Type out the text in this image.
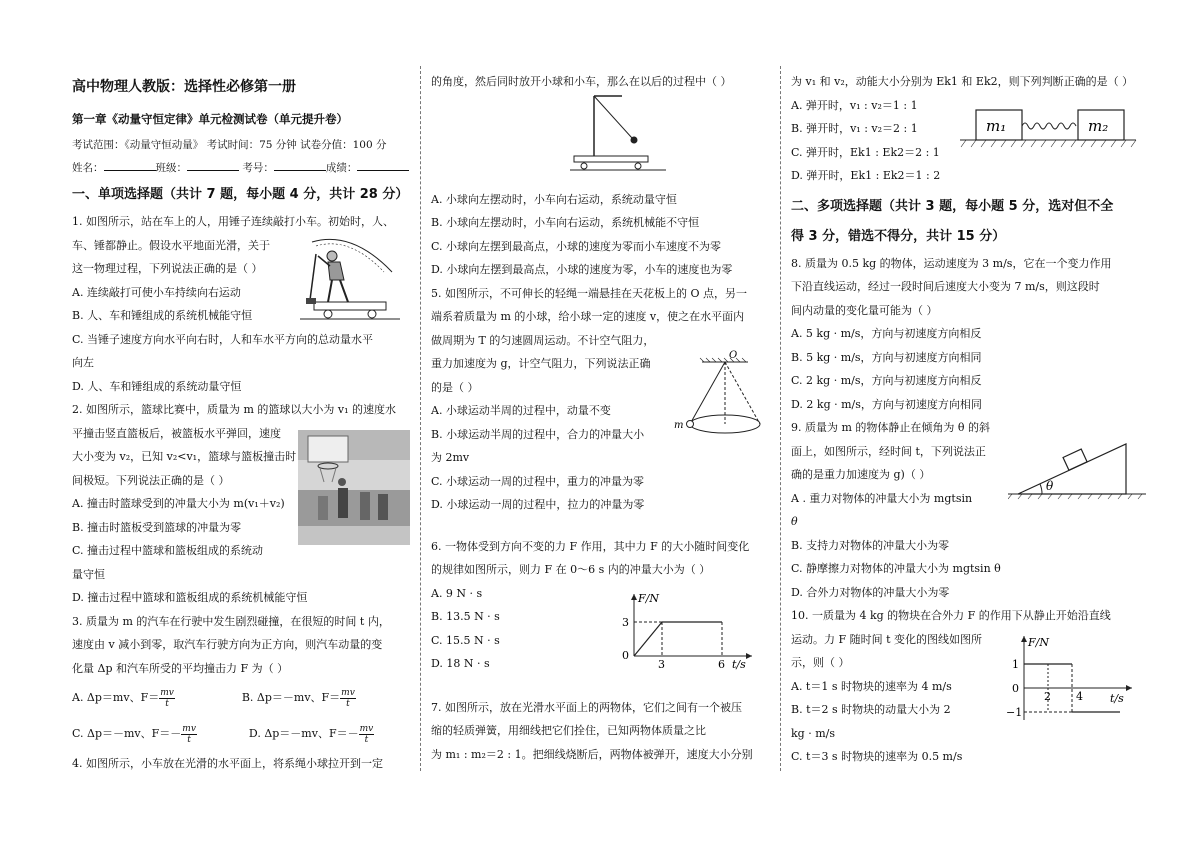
高中物理人教版：选择性必修第一册
第一章《动量守恒定律》单元检测试卷（单元提升卷）
考试范围：《动量守恒动量》 考试时间：75 分钟 试卷分值：100 分
姓名：	班级：	考号：	成绩：
一、单项选择题（共计 7 题，每小题 4 分，共计 28 分）
1. 如图所示，站在车上的人，用锤子连续敲打小车。初始时，人、
车、锤都静止。假设水平地面光滑，关于
这一物理过程，下列说法正确的是（ ）
A. 连续敲打可使小车持续向右运动
B. 人、车和锤组成的系统机械能守恒
C. 当锤子速度方向水平向右时，人和车水平方向的总动量水平
向左
D. 人、车和锤组成的系统动量守恒
2. 如图所示，篮球比赛中，质量为 m 的篮球以大小为 v₁ 的速度水
平撞击竖直篮板后，被篮板水平弹回，速度
大小变为 v₂，已知 v₂<v₁，篮球与篮板撞击时
间极短。下列说法正确的是（ ）
A. 撞击时篮球受到的冲量大小为 m(v₁＋v₂)
B. 撞击时篮板受到篮球的冲量为零
C. 撞击过程中篮球和篮板组成的系统动
量守恒
D. 撞击过程中篮球和篮板组成的系统机械能守恒
3. 质量为 m 的汽车在行驶中发生剧烈碰撞，在很短的时间 t 内，
速度由 v 减小到零，取汽车行驶方向为正方向，则汽车动量的变
化量 Δp 和汽车所受的平均撞击力 F 为（ ）
A. Δp＝mv、$F= \frac{mv}{t}$	B. Δp＝－mv、$F= \frac{mv}{t}$
C. Δp＝－mv、$F=- \frac{mv}{t}$	D. Δp＝－mv、$F=- \frac{mv}{t}$
4. 如图所示，小车放在光滑的水平面上，将系绳小球拉开到一定
的角度，然后同时放开小球和小车，那么在以后的过程中（ ）
A. 小球向左摆动时，小车向右运动，系统动量守恒
B. 小球向左摆动时，小车向右运动，系统机械能不守恒
C. 小球向左摆到最高点，小球的速度为零而小车速度不为零
D. 小球向左摆到最高点，小球的速度为零，小车的速度也为零
5. 如图所示，不可伸长的轻绳一端悬挂在天花板上的 O 点，另一
端系着质量为 m 的小球，给小球一定的速度 v，使之在水平面内
做周期为 T 的匀速圆周运动。不计空气阻力，
重力加速度为 g，计空气阻力，下列说法正确
的是（ ）
A. 小球运动半周的过程中，动量不变
B. 小球运动半周的过程中，合力的冲量大小
为 2mv
C. 小球运动一周的过程中，重力的冲量为零
D. 小球运动一周的过程中，拉力的冲量为零
6. 一物体受到方向不变的力 F 作用，其中力 F 的大小随时间变化
的规律如图所示，则力 F 在 0～6 s 内的冲量大小为（ ）
A. 9 N · s
B. 13.5 N · s
C. 15.5 N · s
D. 18 N · s
7. 如图所示，放在光滑水平面上的两物体，它们之间有一个被压
缩的轻质弹簧，用细线把它们拴住，已知两物体质量之比
为 m₁ : m₂＝2 : 1。把细线烧断后，两物体被弹开，速度大小分别
O
m
F/N
t/s
3
0
3	6
为 v₁ 和 v₂，动能大小分别为 Ek1 和 Ek2，则下列判断正确的是（ ）
A. 弹开时，v₁ : v₂＝1 : 1
B. 弹开时，v₁ : v₂＝2 : 1
C. 弹开时，Ek1 : Ek2＝2 : 1
D. 弹开时，Ek1 : Ek2＝1 : 2
二、多项选择题（共计 3 题，每小题 5 分，选对但不全
得 3 分，错选不得分，共计 15 分）
8. 质量为 0.5 kg 的物体，运动速度为 3 m/s，它在一个变力作用
下沿直线运动，经过一段时间后速度大小变为 7 m/s，则这段时
间内动量的变化量可能为（ ）
A. 5 kg · m/s，方向与初速度方向相反
B. 5 kg · m/s，方向与初速度方向相同
C. 2 kg · m/s，方向与初速度方向相反
D. 2 kg · m/s，方向与初速度方向相同
9. 质量为 m 的物体静止在倾角为 θ 的斜
面上，如图所示，经时间 t，下列说法正
确的是重力加速度为 g)（ ）
A . 重力对物体的冲量大小为 mgtsin
θ
B. 支持力对物体的冲量大小为零
C. 静摩擦力对物体的冲量大小为 mgtsin θ
D. 合外力对物体的冲量大小为零
10. 一质量为 4 kg 的物块在合外力 F 的作用下从静止开始沿直线
运动。力 F 随时间 t 变化的图线如图所
示，则（ ）
A. t＝1 s 时物块的速率为 4 m/s
B. t＝2 s 时物块的动量大小为 2
kg · m/s
C. t＝3 s 时物块的速率为 0.5 m/s
m₁	m₂
θ
F/N
t/s
1
0
−1
2 4
